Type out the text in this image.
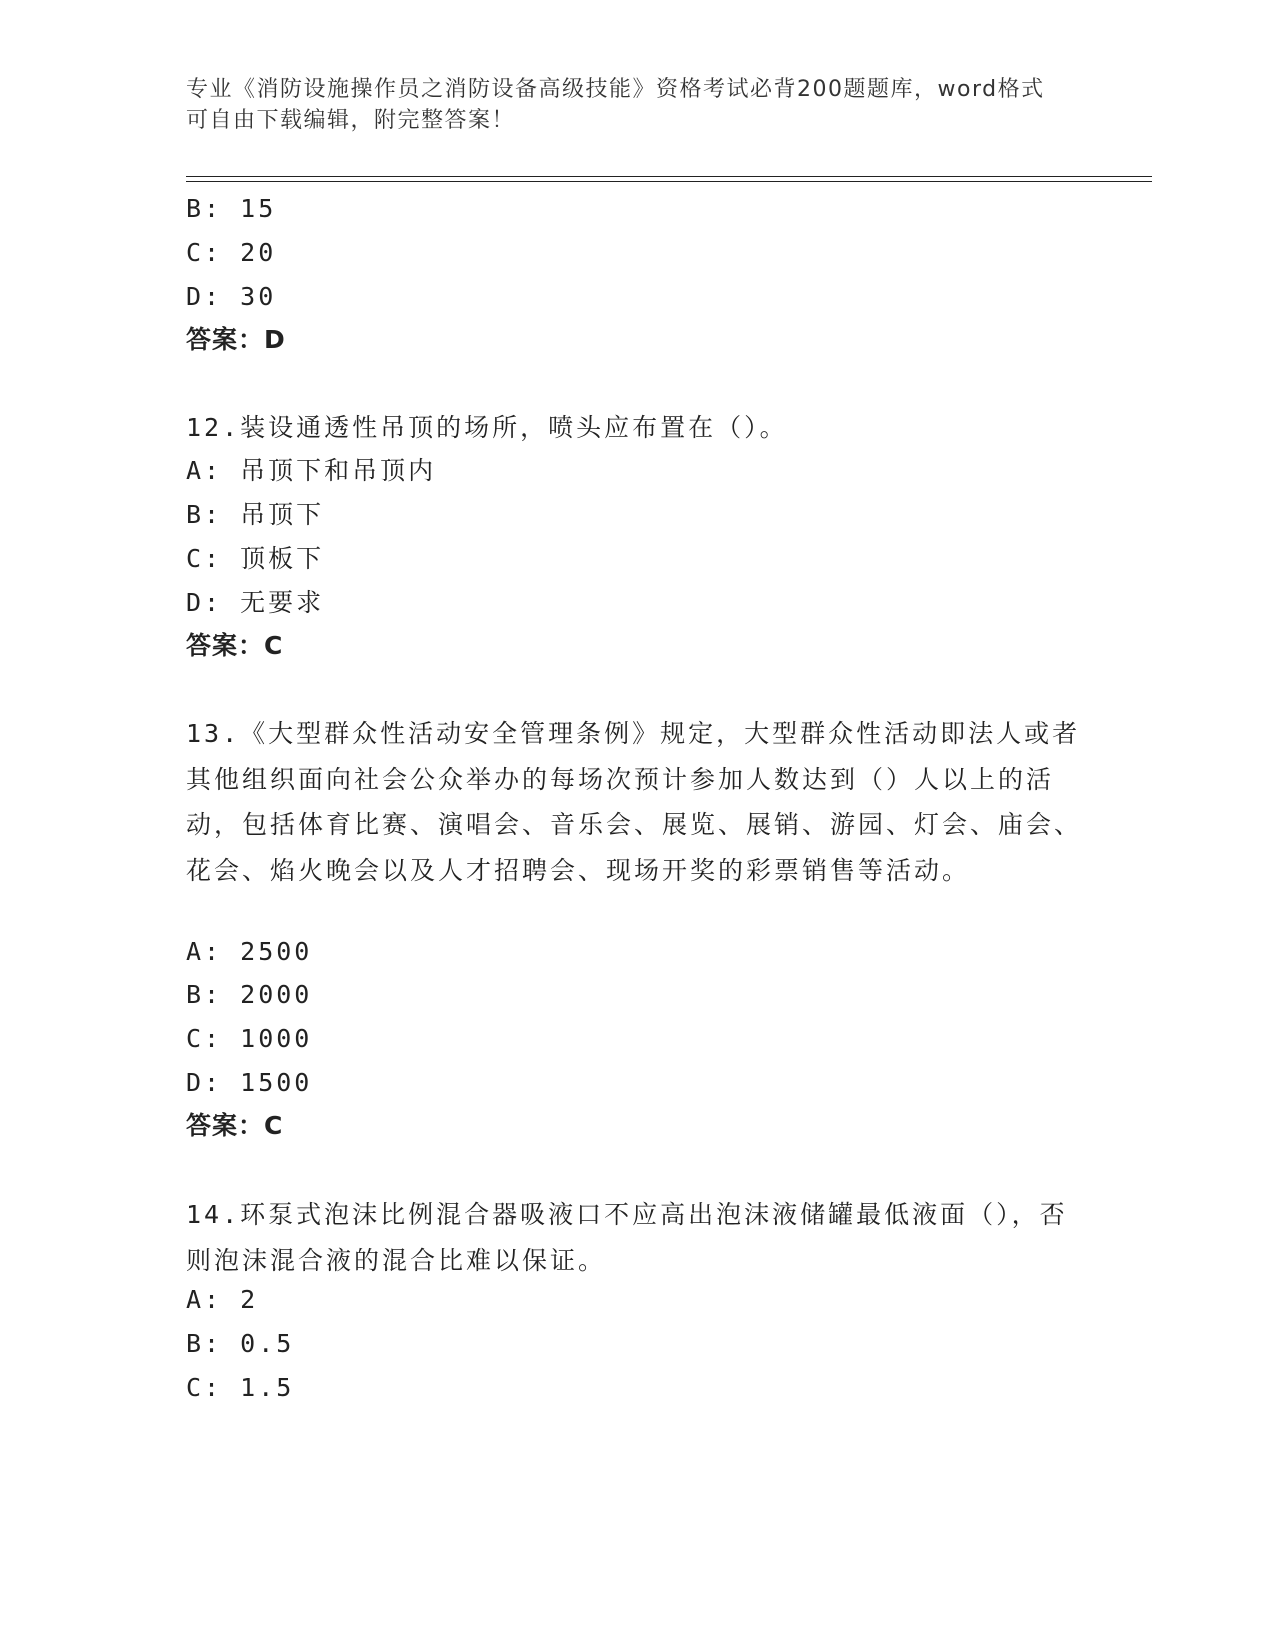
专业《消防设施操作员之消防设备高级技能》资格考试必背200题题库，word格式可自由下载编辑，附完整答案！
B: 15
C: 20
D: 30
答案：D
12.装设通透性吊顶的场所，喷头应布置在（）。
A: 吊顶下和吊顶内
B: 吊顶下
C: 顶板下
D: 无要求
答案：C
13.《大型群众性活动安全管理条例》规定，大型群众性活动即法人或者其他组织面向社会公众举办的每场次预计参加人数达到（）人以上的活动，包括体育比赛、演唱会、音乐会、展览、展销、游园、灯会、庙会、花会、焰火晚会以及人才招聘会、现场开奖的彩票销售等活动。
A: 2500
B: 2000
C: 1000
D: 1500
答案：C
14.环泵式泡沫比例混合器吸液口不应高出泡沫液储罐最低液面（），否则泡沫混合液的混合比难以保证。
A: 2
B: 0.5
C: 1.5
